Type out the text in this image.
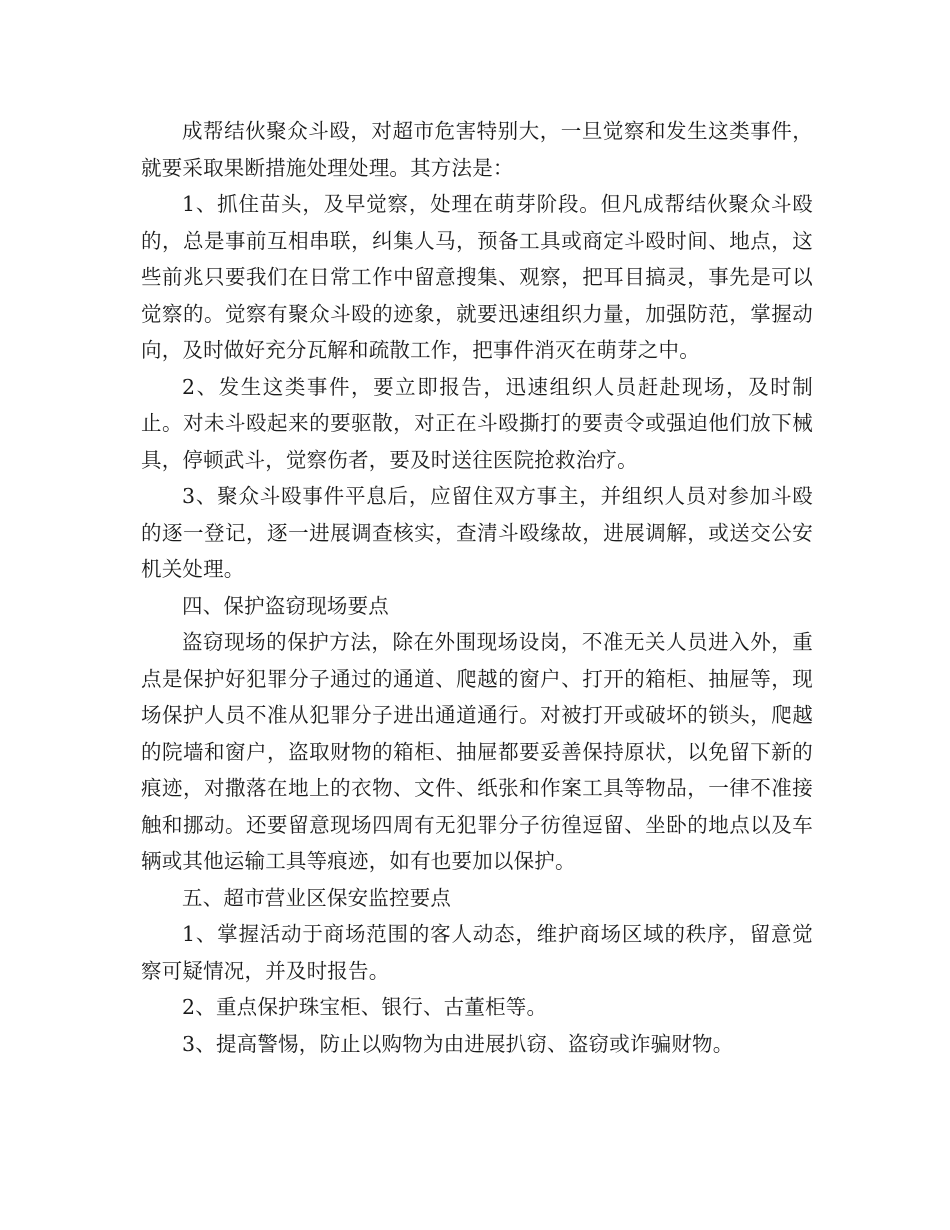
成帮结伙聚众斗殴，对超市危害特别大，一旦觉察和发生这类事件，就要采取果断措施处理处理。其方法是：

1、抓住苗头，及早觉察，处理在萌芽阶段。但凡成帮结伙聚众斗殴的，总是事前互相串联，纠集人马，预备工具或商定斗殴时间、地点，这些前兆只要我们在日常工作中留意搜集、观察，把耳目搞灵，事先是可以觉察的。觉察有聚众斗殴的迹象，就要迅速组织力量，加强防范，掌握动向，及时做好充分瓦解和疏散工作，把事件消灭在萌芽之中。

2、发生这类事件，要立即报告，迅速组织人员赶赴现场，及时制止。对未斗殴起来的要驱散，对正在斗殴撕打的要责令或强迫他们放下械具，停顿武斗，觉察伤者，要及时送往医院抢救治疗。

3、聚众斗殴事件平息后，应留住双方事主，并组织人员对参加斗殴的逐一登记，逐一进展调查核实，查清斗殴缘故，进展调解，或送交公安机关处理。

四、保护盗窃现场要点

盗窃现场的保护方法，除在外围现场设岗，不准无关人员进入外，重点是保护好犯罪分子通过的通道、爬越的窗户、打开的箱柜、抽屉等，现场保护人员不准从犯罪分子进出通道通行。对被打开或破坏的锁头，爬越的院墙和窗户，盗取财物的箱柜、抽屉都要妥善保持原状，以免留下新的痕迹，对撒落在地上的衣物、文件、纸张和作案工具等物品，一律不准接触和挪动。还要留意现场四周有无犯罪分子彷徨逗留、坐卧的地点以及车辆或其他运输工具等痕迹，如有也要加以保护。

五、超市营业区保安监控要点

1、掌握活动于商场范围的客人动态，维护商场区域的秩序，留意觉察可疑情况，并及时报告。

2、重点保护珠宝柜、银行、古董柜等。

3、提高警惕，防止以购物为由进展扒窃、盗窃或诈骗财物。
